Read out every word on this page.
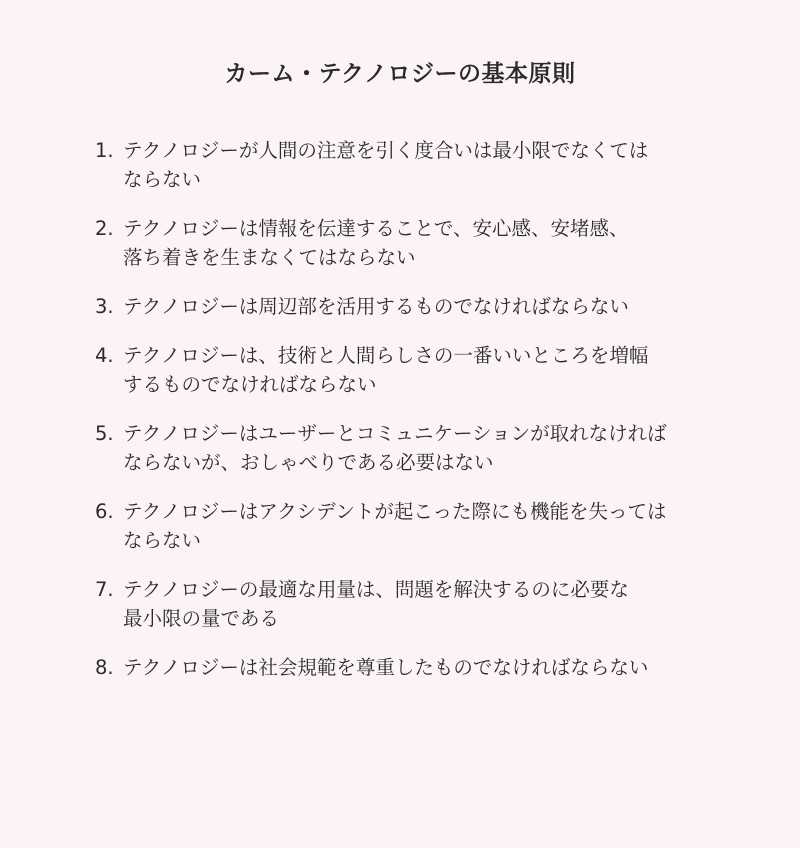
カーム・テクノロジーの基本原則
1. テクノロジーが人間の注意を引く度合いは最小限でなくては
ならない
2. テクノロジーは情報を伝達することで、安心感、安堵感、
落ち着きを生まなくてはならない
3. テクノロジーは周辺部を活用するものでなければならない
4. テクノロジーは、技術と人間らしさの一番いいところを増幅
するものでなければならない
5. テクノロジーはユーザーとコミュニケーションが取れなければ
ならないが、おしゃべりである必要はない
6. テクノロジーはアクシデントが起こった際にも機能を失っては
ならない
7. テクノロジーの最適な用量は、問題を解決するのに必要な
最小限の量である
8. テクノロジーは社会規範を尊重したものでなければならない
